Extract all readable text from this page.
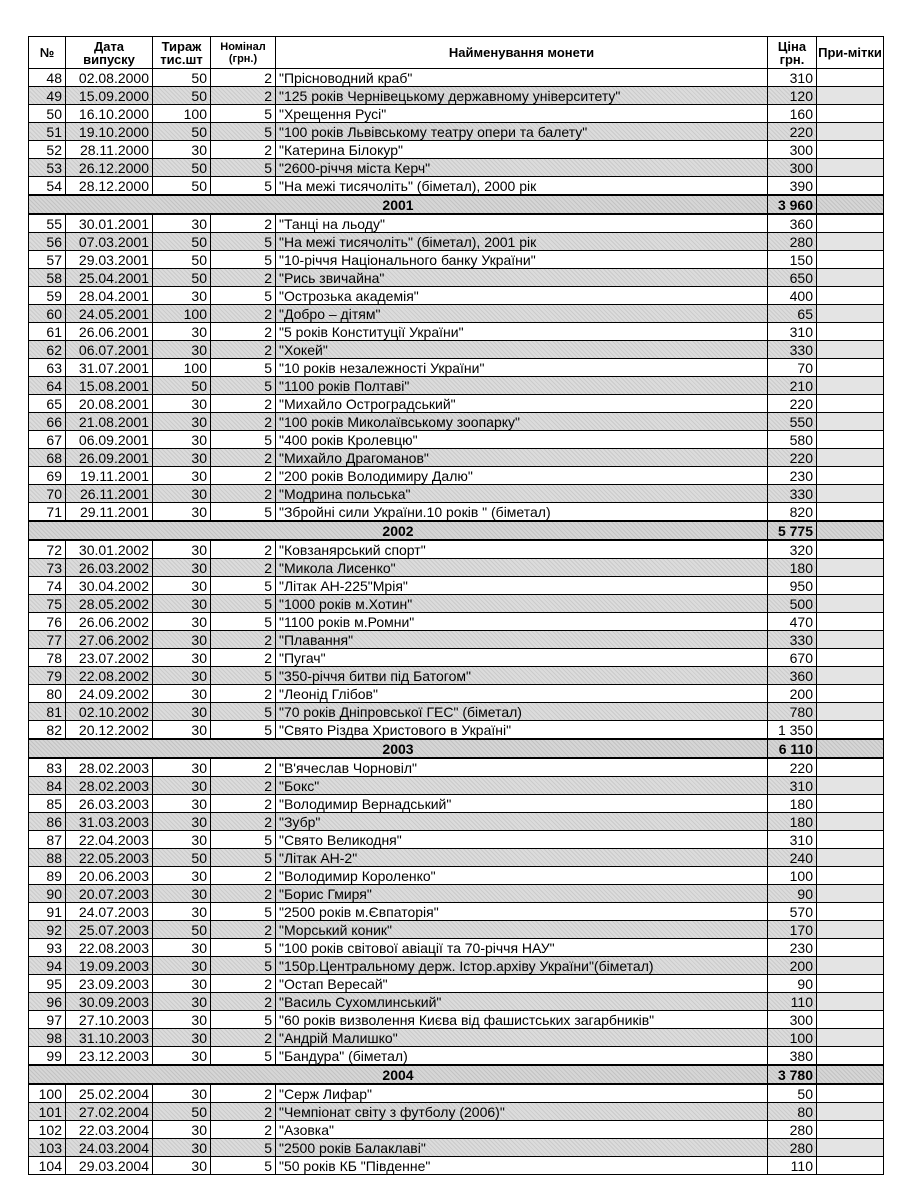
№	Дата випуску	Тираж тис.шт	Номінал (грн.)	Найменування монети	Ціна грн.	При-мітки
48	02.08.2000	50	2	"Прісноводний краб"	310	
49	15.09.2000	50	2	"125 років Чернівецькому державному університету"	120	
50	16.10.2000	100	5	"Хрещення Русі"	160	
51	19.10.2000	50	5	"100 років Львівському театру опери та балету"	220	
52	28.11.2000	30	2	"Катерина Білокур"	300	
53	26.12.2000	50	5	"2600-річчя міста Керч"	300	
54	28.12.2000	50	5	"На межі тисячоліть" (біметал), 2000 рік	390	
2001					3 960	
55	30.01.2001	30	2	"Танці на льоду"	360	
56	07.03.2001	50	5	"На межі тисячоліть" (біметал), 2001 рік	280	
57	29.03.2001	50	5	"10-річчя Національного банку України"	150	
58	25.04.2001	50	2	"Рись звичайна"	650	
59	28.04.2001	30	5	"Острозька академія"	400	
60	24.05.2001	100	2	"Добро – дітям"	65	
61	26.06.2001	30	2	"5 років Конституції України"	310	
62	06.07.2001	30	2	"Хокей"	330	
63	31.07.2001	100	5	"10 років незалежності України"	70	
64	15.08.2001	50	5	"1100 років Полтаві"	210	
65	20.08.2001	30	2	"Михайло Остроградський"	220	
66	21.08.2001	30	2	"100 років Миколаївському зоопарку"	550	
67	06.09.2001	30	5	"400 років Кролевцю"	580	
68	26.09.2001	30	2	"Михайло Драгоманов"	220	
69	19.11.2001	30	2	"200 років Володимиру Далю"	230	
70	26.11.2001	30	2	"Модрина польська"	330	
71	29.11.2001	30	5	"Збройні сили України.10 років " (біметал)	820	
2002					5 775	
72	30.01.2002	30	2	"Ковзанярський спорт"	320	
73	26.03.2002	30	2	"Микола Лисенко"	180	
74	30.04.2002	30	5	"Літак АН-225"Мрія"	950	
75	28.05.2002	30	5	"1000 років м.Хотин"	500	
76	26.06.2002	30	5	"1100 років м.Ромни"	470	
77	27.06.2002	30	2	"Плавання"	330	
78	23.07.2002	30	2	"Пугач"	670	
79	22.08.2002	30	5	"350-річчя битви під Батогом"	360	
80	24.09.2002	30	2	"Леонід Глібов"	200	
81	02.10.2002	30	5	"70 років Дніпровської ГЕС" (біметал)	780	
82	20.12.2002	30	5	"Свято Різдва Христового в Україні"	1 350	
2003					6 110	
83	28.02.2003	30	2	"В'ячеслав Чорновіл"	220	
84	28.02.2003	30	2	"Бокс"	310	
85	26.03.2003	30	2	"Володимир Вернадський"	180	
86	31.03.2003	30	2	"Зубр"	180	
87	22.04.2003	30	5	"Свято Великодня"	310	
88	22.05.2003	50	5	"Літак АН-2"	240	
89	20.06.2003	30	2	"Володимир Короленко"	100	
90	20.07.2003	30	2	"Борис Гмиря"	90	
91	24.07.2003	30	5	"2500 років м.Євпаторія"	570	
92	25.07.2003	50	2	"Морський коник"	170	
93	22.08.2003	30	5	"100 років світової авіації та 70-річчя НАУ"	230	
94	19.09.2003	30	5	"150р.Центральному держ. Істор.архіву України"(біметал)	200	
95	23.09.2003	30	2	"Остап Вересай"	90	
96	30.09.2003	30	2	"Василь Сухомлинський"	110	
97	27.10.2003	30	5	"60 років визволення Києва від фашистських загарбників"	300	
98	31.10.2003	30	2	"Андрій Малишко"	100	
99	23.12.2003	30	5	"Бандура" (біметал)	380	
2004					3 780	
100	25.02.2004	30	2	"Серж Лифар"	50	
101	27.02.2004	50	2	"Чемпіонат світу з футболу (2006)"	80	
102	22.03.2004	30	2	"Азовка"	280	
103	24.03.2004	30	5	"2500 років Балаклаві"	280	
104	29.03.2004	30	5	"50 років КБ "Південне"	110	
